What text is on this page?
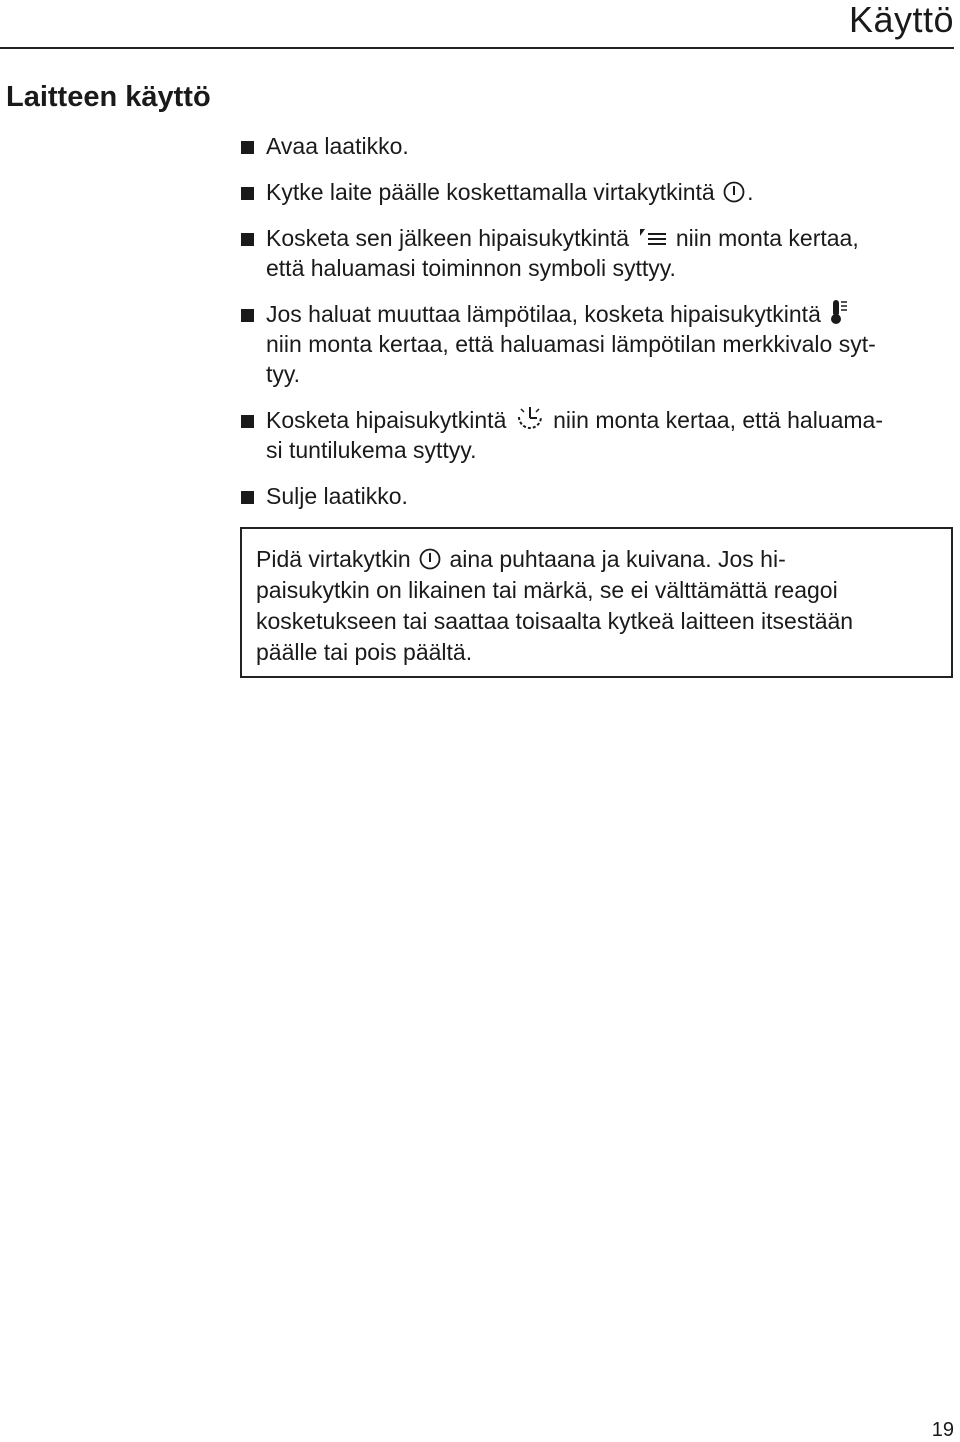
Käyttö
Laitteen käyttö
Avaa laatikko.
Kytke laite päälle koskettamalla virtakytkintä .
Kosketa sen jälkeen hipaisukytkintä niin monta kertaa,
että haluamasi toiminnon symboli syttyy.
Jos haluat muuttaa lämpötilaa, kosketa hipaisukytkintä

niin monta kertaa, että haluamasi lämpötilan merkkivalo syt-
tyy.
Kosketa hipaisukytkintä niin monta kertaa, että haluama-
si tuntilukema syttyy.
Sulje laatikko.
Pidä virtakytkin aina puhtaana ja kuivana. Jos hi-
paisukytkin on likainen tai märkä, se ei välttämättä reagoi
kosketukseen tai saattaa toisaalta kytkeä laitteen itsestään
päälle tai pois päältä.
19
